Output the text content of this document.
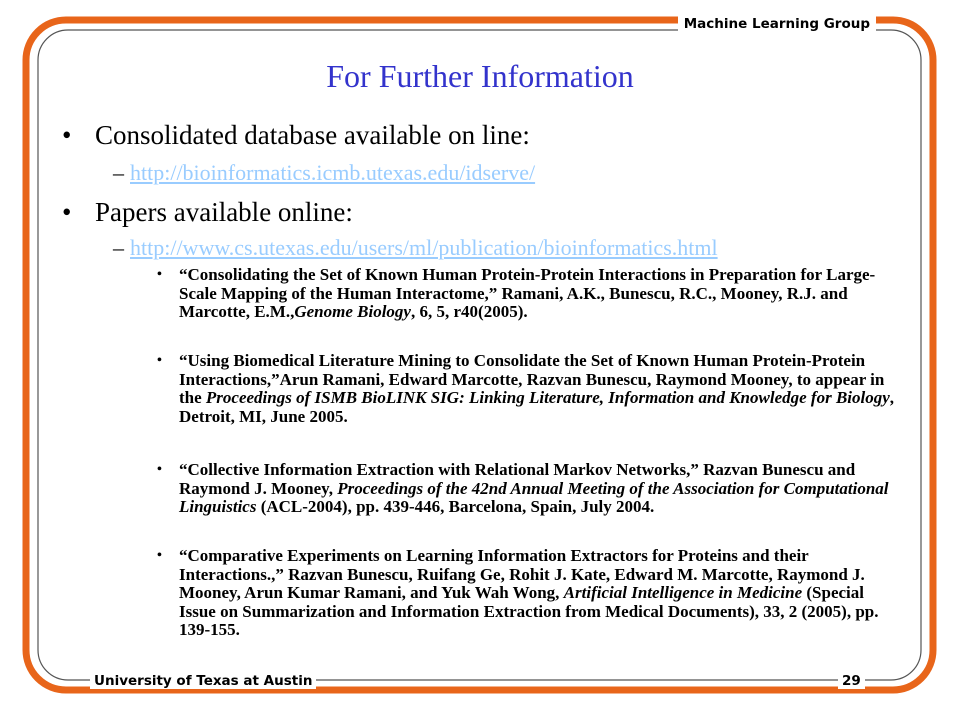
Machine Learning Group
University of Texas at Austin	29
For Further Information
• Consolidated database available on line:
– http://bioinformatics.icmb.utexas.edu/idserve/
• Papers available online:
– http://www.cs.utexas.edu/users/ml/publication/bioinformatics.html
• “Consolidating the Set of Known Human Protein-Protein Interactions in Preparation for Large-Scale Mapping of the Human Interactome,” Ramani, A.K., Bunescu, R.C., Mooney, R.J. and Marcotte, E.M.,Genome Biology, 6, 5, r40(2005).
• “Using Biomedical Literature Mining to Consolidate the Set of Known Human Protein-Protein Interactions,”Arun Ramani, Edward Marcotte, Razvan Bunescu, Raymond Mooney, to appear in the Proceedings of ISMB BioLINK SIG: Linking Literature, Information and Knowledge for Biology, Detroit, MI, June 2005.
• “Collective Information Extraction with Relational Markov Networks,” Razvan Bunescu and Raymond J. Mooney, Proceedings of the 42nd Annual Meeting of the Association for Computational Linguistics (ACL-2004), pp. 439-446, Barcelona, Spain, July 2004.
• “Comparative Experiments on Learning Information Extractors for Proteins and their Interactions.,” Razvan Bunescu, Ruifang Ge, Rohit J. Kate, Edward M. Marcotte, Raymond J. Mooney, Arun Kumar Ramani, and Yuk Wah Wong, Artificial Intelligence in Medicine (Special Issue on Summarization and Information Extraction from Medical Documents), 33, 2 (2005), pp. 139-155.
